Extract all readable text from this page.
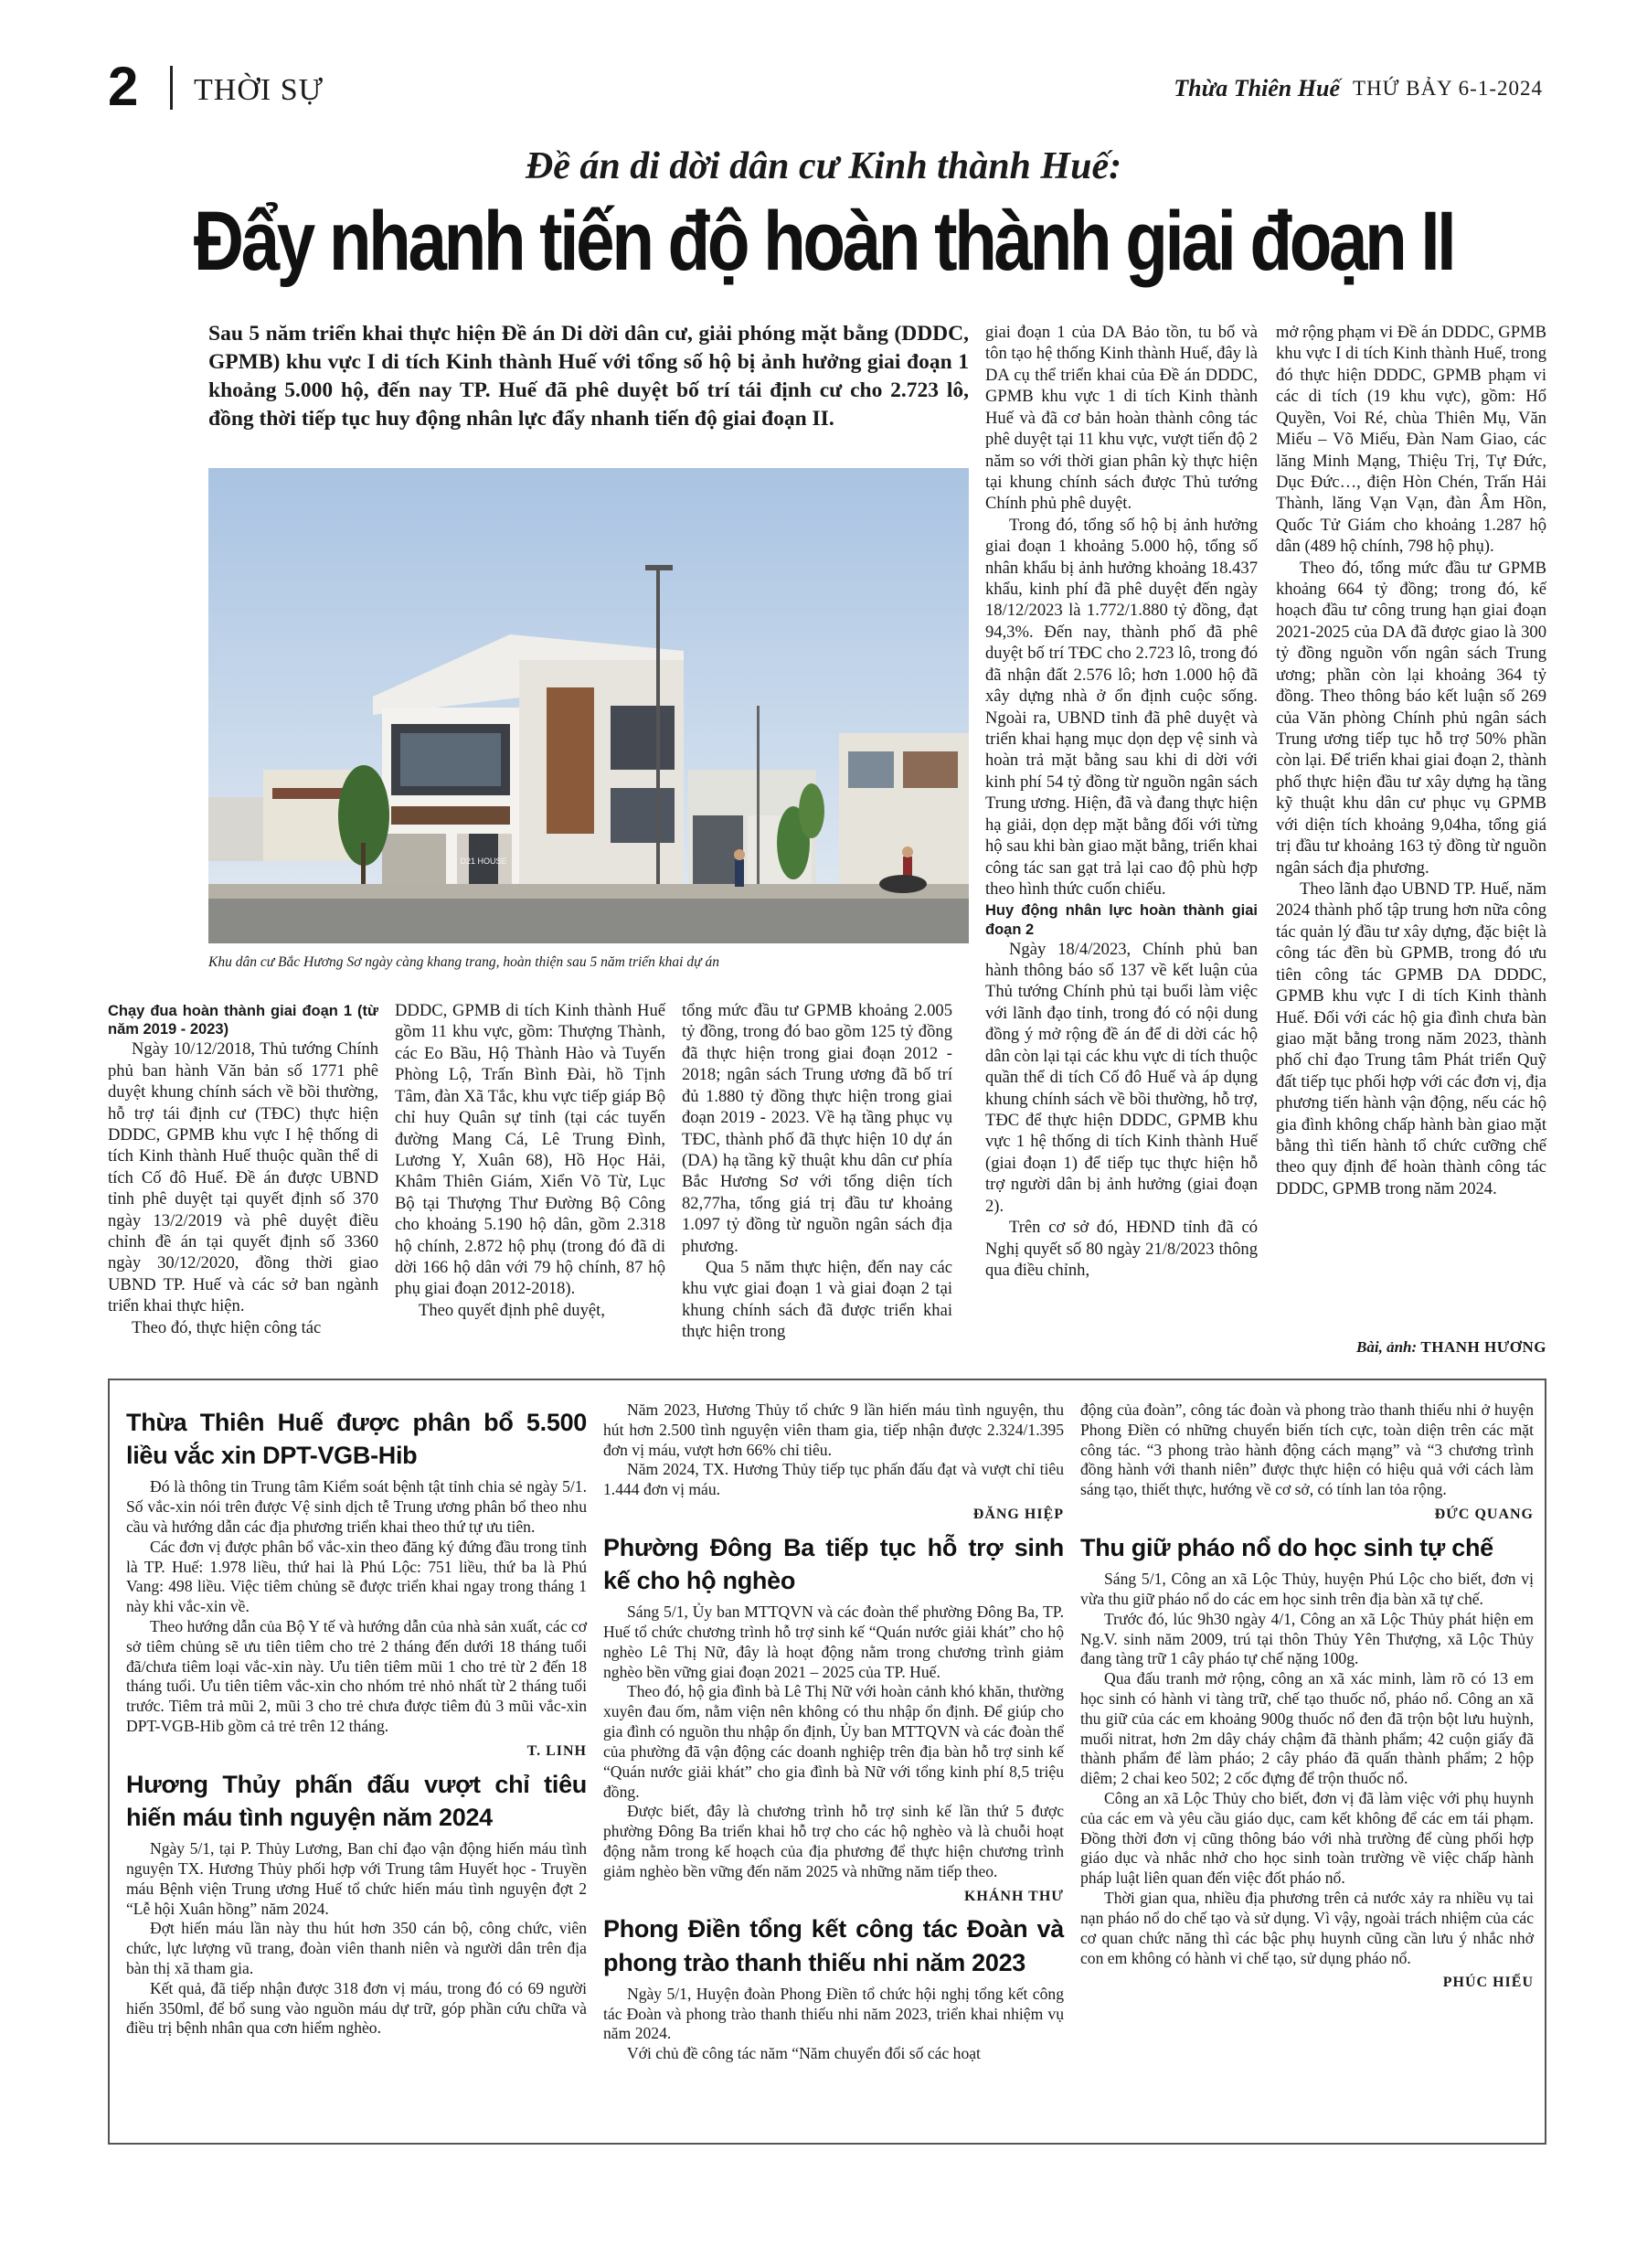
2 THỜI SỰ	Thừa Thiên Huế THỨ BẢY 6-1-2024
Đề án di dời dân cư Kinh thành Huế:
Đẩy nhanh tiến độ hoàn thành giai đoạn II
Sau 5 năm triển khai thực hiện Đề án Di dời dân cư, giải phóng mặt bằng (DDDC, GPMB) khu vực I di tích Kinh thành Huế với tổng số hộ bị ảnh hưởng giai đoạn 1 khoảng 5.000 hộ, đến nay TP. Huế đã phê duyệt bố trí tái định cư cho 2.723 lô, đồng thời tiếp tục huy động nhân lực đẩy nhanh tiến độ giai đoạn II.
D21 HOUSE
Khu dân cư Bắc Hương Sơ ngày càng khang trang, hoàn thiện sau 5 năm triển khai dự án

Chạy đua hoàn thành giai đoạn 1 (từ năm 2019 - 2023)

Ngày 10/12/2018, Thủ tướng Chính phủ ban hành Văn bản số 1771 phê duyệt khung chính sách về bồi thường, hỗ trợ tái định cư (TĐC) thực hiện DDDC, GPMB khu vực I hệ thống di tích Kinh thành Huế thuộc quần thể di tích Cố đô Huế. Đề án được UBND tỉnh phê duyệt tại quyết định số 370 ngày 13/2/2019 và phê duyệt điều chỉnh đề án tại quyết định số 3360 ngày 30/12/2020, đồng thời giao UBND TP. Huế và các sở ban ngành triển khai thực hiện.

Theo đó, thực hiện công tác

DDDC, GPMB di tích Kinh thành Huế gồm 11 khu vực, gồm: Thượng Thành, các Eo Bầu, Hộ Thành Hào và Tuyến Phòng Lộ, Trấn Bình Đài, hồ Tịnh Tâm, đàn Xã Tắc, khu vực tiếp giáp Bộ chỉ huy Quân sự tỉnh (tại các tuyến đường Mang Cá, Lê Trung Đình, Lương Y, Xuân 68), Hồ Học Hải, Khâm Thiên Giám, Xiển Võ Từ, Lục Bộ tại Thượng Thư Đường Bộ Công cho khoảng 5.190 hộ dân, gồm 2.318 hộ chính, 2.872 hộ phụ (trong đó đã di dời 166 hộ dân với 79 hộ chính, 87 hộ phụ giai đoạn 2012-2018).

Theo quyết định phê duyệt,

tổng mức đầu tư GPMB khoảng 2.005 tỷ đồng, trong đó bao gồm 125 tỷ đồng đã thực hiện trong giai đoạn 2012 - 2018; ngân sách Trung ương đã bố trí đủ 1.880 tỷ đồng thực hiện trong giai đoạn 2019 - 2023. Về hạ tầng phục vụ TĐC, thành phố đã thực hiện 10 dự án (DA) hạ tầng kỹ thuật khu dân cư phía Bắc Hương Sơ với tổng diện tích 82,77ha, tổng giá trị đầu tư khoảng 1.097 tỷ đồng từ nguồn ngân sách địa phương.

Qua 5 năm thực hiện, đến nay các khu vực giai đoạn 1 và giai đoạn 2 tại khung chính sách đã được triển khai thực hiện trong

giai đoạn 1 của DA Bảo tồn, tu bổ và tôn tạo hệ thống Kinh thành Huế, đây là DA cụ thể triển khai của Đề án DDDC, GPMB khu vực 1 di tích Kinh thành Huế và đã cơ bản hoàn thành công tác phê duyệt tại 11 khu vực, vượt tiến độ 2 năm so với thời gian phân kỳ thực hiện tại khung chính sách được Thủ tướng Chính phủ phê duyệt.

Trong đó, tổng số hộ bị ảnh hưởng giai đoạn 1 khoảng 5.000 hộ, tổng số nhân khẩu bị ảnh hưởng khoảng 18.437 khẩu, kinh phí đã phê duyệt đến ngày 18/12/2023 là 1.772/1.880 tỷ đồng, đạt 94,3%. Đến nay, thành phố đã phê duyệt bố trí TĐC cho 2.723 lô, trong đó đã nhận đất 2.576 lô; hơn 1.000 hộ đã xây dựng nhà ở ổn định cuộc sống. Ngoài ra, UBND tỉnh đã phê duyệt và triển khai hạng mục dọn dẹp vệ sinh và hoàn trả mặt bằng sau khi di dời với kinh phí 54 tỷ đồng từ nguồn ngân sách Trung ương. Hiện, đã và đang thực hiện hạ giải, dọn dẹp mặt bằng đối với từng hộ sau khi bàn giao mặt bằng, triển khai công tác san gạt trả lại cao độ phù hợp theo hình thức cuốn chiếu.

Huy động nhân lực hoàn thành giai đoạn 2

Ngày 18/4/2023, Chính phủ ban hành thông báo số 137 về kết luận của Thủ tướng Chính phủ tại buổi làm việc với lãnh đạo tỉnh, trong đó có nội dung đồng ý mở rộng đề án để di dời các hộ dân còn lại tại các khu vực di tích thuộc quần thể di tích Cố đô Huế và áp dụng khung chính sách về bồi thường, hỗ trợ, TĐC để thực hiện DDDC, GPMB khu vực 1 hệ thống di tích Kinh thành Huế (giai đoạn 1) để tiếp tục thực hiện hỗ trợ người dân bị ảnh hưởng (giai đoạn 2).

Trên cơ sở đó, HĐND tỉnh đã có Nghị quyết số 80 ngày 21/8/2023 thông qua điều chỉnh,

mở rộng phạm vi Đề án DDDC, GPMB khu vực I di tích Kinh thành Huế, trong đó thực hiện DDDC, GPMB phạm vi các di tích (19 khu vực), gồm: Hổ Quyền, Voi Ré, chùa Thiên Mụ, Văn Miếu – Võ Miếu, Đàn Nam Giao, các lăng Minh Mạng, Thiệu Trị, Tự Đức, Dục Đức…, điện Hòn Chén, Trấn Hải Thành, lăng Vạn Vạn, đàn Âm Hồn, Quốc Tử Giám cho khoảng 1.287 hộ dân (489 hộ chính, 798 hộ phụ).

Theo đó, tổng mức đầu tư GPMB khoảng 664 tỷ đồng; trong đó, kế hoạch đầu tư công trung hạn giai đoạn 2021-2025 của DA đã được giao là 300 tỷ đồng nguồn vốn ngân sách Trung ương; phần còn lại khoảng 364 tỷ đồng. Theo thông báo kết luận số 269 của Văn phòng Chính phủ ngân sách Trung ương tiếp tục hỗ trợ 50% phần còn lại. Để triển khai giai đoạn 2, thành phố thực hiện đầu tư xây dựng hạ tầng kỹ thuật khu dân cư phục vụ GPMB với diện tích khoảng 9,04ha, tổng giá trị đầu tư khoảng 163 tỷ đồng từ nguồn ngân sách địa phương.

Theo lãnh đạo UBND TP. Huế, năm 2024 thành phố tập trung hơn nữa công tác quản lý đầu tư xây dựng, đặc biệt là công tác đền bù GPMB, trong đó ưu tiên công tác GPMB DA DDDC, GPMB khu vực I di tích Kinh thành Huế. Đối với các hộ gia đình chưa bàn giao mặt bằng trong năm 2023, thành phố chỉ đạo Trung tâm Phát triển Quỹ đất tiếp tục phối hợp với các đơn vị, địa phương tiến hành vận động, nếu các hộ gia đình không chấp hành bàn giao mặt bằng thì tiến hành tổ chức cưỡng chế theo quy định để hoàn thành công tác DDDC, GPMB trong năm 2024.

Bài, ảnh: THANH HƯƠNG

Thừa Thiên Huế được phân bổ 5.500 liều vắc xin DPT-VGB-Hib

Đó là thông tin Trung tâm Kiểm soát bệnh tật tỉnh chia sẻ ngày 5/1. Số vắc-xin nói trên được Vệ sinh dịch tễ Trung ương phân bổ theo nhu cầu và hướng dẫn các địa phương triển khai theo thứ tự ưu tiên.

Các đơn vị được phân bổ vắc-xin theo đăng ký đứng đầu trong tỉnh là TP. Huế: 1.978 liều, thứ hai là Phú Lộc: 751 liều, thứ ba là Phú Vang: 498 liều. Việc tiêm chủng sẽ được triển khai ngay trong tháng 1 này khi vắc-xin về.

Theo hướng dẫn của Bộ Y tế và hướng dẫn của nhà sản xuất, các cơ sở tiêm chủng sẽ ưu tiên tiêm cho trẻ 2 tháng đến dưới 18 tháng tuổi đã/chưa tiêm loại vắc-xin này. Ưu tiên tiêm mũi 1 cho trẻ từ 2 đến 18 tháng tuổi. Ưu tiên tiêm vắc-xin cho nhóm trẻ nhỏ nhất từ 2 tháng tuổi trước. Tiêm trả mũi 2, mũi 3 cho trẻ chưa được tiêm đủ 3 mũi vắc-xin DPT-VGB-Hib gồm cả trẻ trên 12 tháng.

T. LINH

Hương Thủy phấn đấu vượt chỉ tiêu hiến máu tình nguyện năm 2024

Ngày 5/1, tại P. Thủy Lương, Ban chỉ đạo vận động hiến máu tình nguyện TX. Hương Thủy phối hợp với Trung tâm Huyết học - Truyền máu Bệnh viện Trung ương Huế tổ chức hiến máu tình nguyện đợt 2 “Lễ hội Xuân hồng” năm 2024.

Đợt hiến máu lần này thu hút hơn 350 cán bộ, công chức, viên chức, lực lượng vũ trang, đoàn viên thanh niên và người dân trên địa bàn thị xã tham gia.

Kết quả, đã tiếp nhận được 318 đơn vị máu, trong đó có 69 người hiến 350ml, để bổ sung vào nguồn máu dự trữ, góp phần cứu chữa và điều trị bệnh nhân qua cơn hiểm nghèo.

Năm 2023, Hương Thủy tổ chức 9 lần hiến máu tình nguyện, thu hút hơn 2.500 tình nguyện viên tham gia, tiếp nhận được 2.324/1.395 đơn vị máu, vượt hơn 66% chỉ tiêu.

Năm 2024, TX. Hương Thủy tiếp tục phấn đấu đạt và vượt chỉ tiêu 1.444 đơn vị máu.

ĐĂNG HIỆP

Phường Đông Ba tiếp tục hỗ trợ sinh kế cho hộ nghèo

Sáng 5/1, Ủy ban MTTQVN và các đoàn thể phường Đông Ba, TP. Huế tổ chức chương trình hỗ trợ sinh kế “Quán nước giải khát” cho hộ nghèo Lê Thị Nữ, đây là hoạt động nằm trong chương trình giảm nghèo bền vững giai đoạn 2021 – 2025 của TP. Huế.

Theo đó, hộ gia đình bà Lê Thị Nữ với hoàn cảnh khó khăn, thường xuyên đau ốm, nằm viện nên không có thu nhập ổn định. Để giúp cho gia đình có nguồn thu nhập ổn định, Ủy ban MTTQVN và các đoàn thể của phường đã vận động các doanh nghiệp trên địa bàn hỗ trợ sinh kế “Quán nước giải khát” cho gia đình bà Nữ với tổng kinh phí 8,5 triệu đồng.

Được biết, đây là chương trình hỗ trợ sinh kế lần thứ 5 được phường Đông Ba triển khai hỗ trợ cho các hộ nghèo và là chuỗi hoạt động nằm trong kế hoạch của địa phương để thực hiện chương trình giảm nghèo bền vững đến năm 2025 và những năm tiếp theo.

KHÁNH THƯ

Phong Điền tổng kết công tác Đoàn và phong trào thanh thiếu nhi năm 2023

Ngày 5/1, Huyện đoàn Phong Điền tổ chức hội nghị tổng kết công tác Đoàn và phong trào thanh thiếu nhi năm 2023, triển khai nhiệm vụ năm 2024.

Với chủ đề công tác năm “Năm chuyển đổi số các hoạt

động của đoàn”, công tác đoàn và phong trào thanh thiếu nhi ở huyện Phong Điền có những chuyển biến tích cực, toàn diện trên các mặt công tác. “3 phong trào hành động cách mạng” và “3 chương trình đồng hành với thanh niên” được thực hiện có hiệu quả với cách làm sáng tạo, thiết thực, hướng về cơ sở, có tính lan tỏa rộng.

ĐỨC QUANG

Thu giữ pháo nổ do học sinh tự chế

Sáng 5/1, Công an xã Lộc Thủy, huyện Phú Lộc cho biết, đơn vị vừa thu giữ pháo nổ do các em học sinh trên địa bàn xã tự chế.

Trước đó, lúc 9h30 ngày 4/1, Công an xã Lộc Thủy phát hiện em Ng.V. sinh năm 2009, trú tại thôn Thủy Yên Thượng, xã Lộc Thủy đang tàng trữ 1 cây pháo tự chế nặng 100g.

Qua đấu tranh mở rộng, công an xã xác minh, làm rõ có 13 em học sinh có hành vi tàng trữ, chế tạo thuốc nổ, pháo nổ. Công an xã thu giữ của các em khoảng 900g thuốc nổ đen đã trộn bột lưu huỳnh, muối nitrat, hơn 2m dây cháy chậm đã thành phẩm; 42 cuộn giấy đã thành phẩm để làm pháo; 2 cây pháo đã quấn thành phẩm; 2 hộp diêm; 2 chai keo 502; 2 cốc đựng để trộn thuốc nổ.

Công an xã Lộc Thủy cho biết, đơn vị đã làm việc với phụ huynh của các em và yêu cầu giáo dục, cam kết không để các em tái phạm. Đồng thời đơn vị cũng thông báo với nhà trường để cùng phối hợp giáo dục và nhắc nhở cho học sinh toàn trường về việc chấp hành pháp luật liên quan đến việc đốt pháo nổ.

Thời gian qua, nhiều địa phương trên cả nước xảy ra nhiều vụ tai nạn pháo nổ do chế tạo và sử dụng. Vì vậy, ngoài trách nhiệm của các cơ quan chức năng thì các bậc phụ huynh cũng cần lưu ý nhắc nhở con em không có hành vi chế tạo, sử dụng pháo nổ.

PHÚC HIẾU
